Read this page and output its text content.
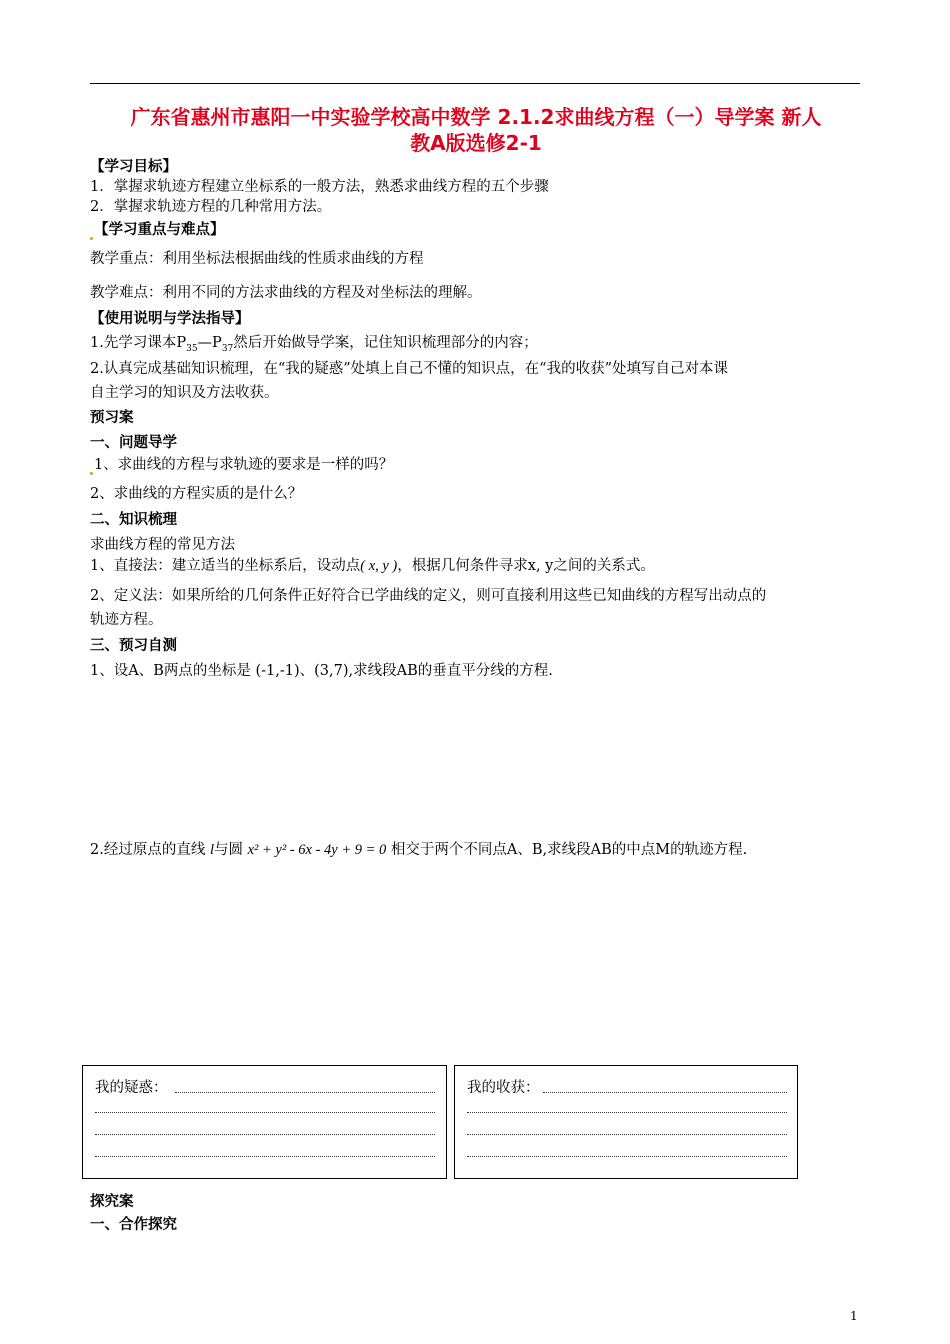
广东省惠州市惠阳一中实验学校高中数学 2.1.2求曲线方程（一）导学案 新人
教A版选修2-1
【学习目标】
1．掌握求轨迹方程建立坐标系的一般方法，熟悉求曲线方程的五个步骤
2．掌握求轨迹方程的几种常用方法。
【学习重点与难点】
教学重点：利用坐标法根据曲线的性质求曲线的方程
教学难点：利用不同的方法求曲线的方程及对坐标法的理解。
【使用说明与学法指导】
1.先学习课本$P_{35}—P_{37}$然后开始做导学案，记住知识梳理部分的内容；
2.认真完成基础知识梳理，在“我的疑惑”处填上自己不懂的知识点，在“我的收获”处填写自己对本课
自主学习的知识及方法收获。
预习案
一、问题导学
1、求曲线的方程与求轨迹的要求是一样的吗？
2、求曲线的方程实质的是什么？
二、知识梳理
求曲线方程的常见方法
1、直接法：建立适当的坐标系后，设动点( x, y )，根据几何条件寻求x, y之间的关系式。
2、定义法：如果所给的几何条件正好符合已学曲线的定义，则可直接利用这些已知曲线的方程写出动点的
轨迹方程。
三、预习自测
1、设A、B两点的坐标是 (-1,-1)、(3,7),求线段AB的垂直平分线的方程.
2.经过原点的直线 l与圆 x² + y² - 6x - 4y + 9 = 0 相交于两个不同点A、B,求线段AB的中点M的轨迹方程.
我的疑惑：	我的收获：
探究案
一、合作探究
1
